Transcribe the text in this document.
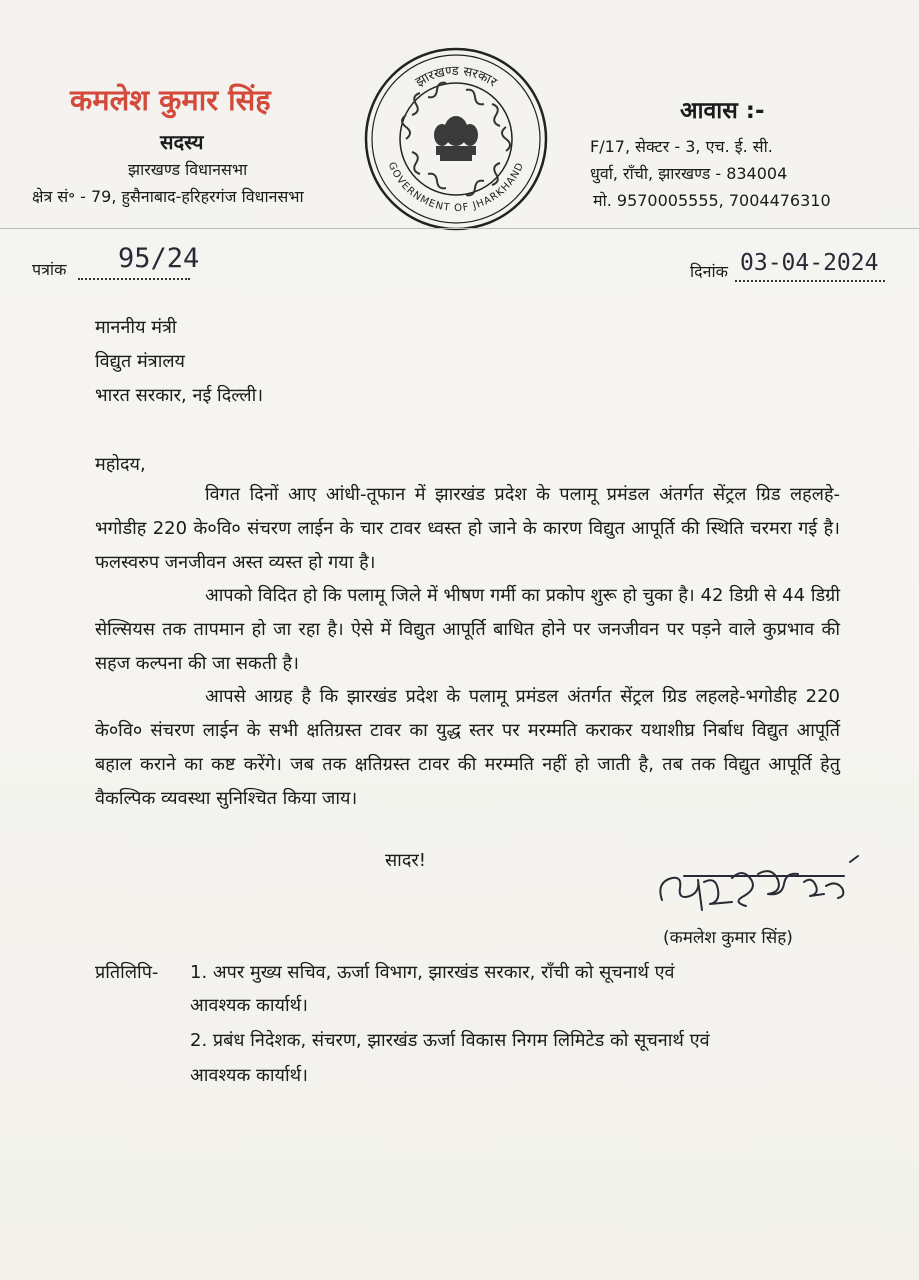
कमलेश कुमार सिंह
सदस्य
झारखण्ड विधानसभा
क्षेत्र सं॰ - 79, हुसैनाबाद-हरिहरगंज विधानसभा
झारखण्ड सरकार
GOVERNMENT OF JHARKHAND
आवास :-
F/17, सेक्टर - 3, एच. ई. सी.
धुर्वा, राँची, झारखण्ड - 834004
मो. 9570005555, 7004476310
पत्रांक 95/24	दिनांक 03-04-2024
माननीय मंत्री
विद्युत मंत्रालय
भारत सरकार, नई दिल्ली।
महोदय,
विगत दिनों आए आंधी-तूफान में झारखंड प्रदेश के पलामू प्रमंडल अंतर्गत सेंट्रल ग्रिड लहलहे-भगोडीह 220 के०वि० संचरण लाईन के चार टावर ध्वस्त हो जाने के कारण विद्युत आपूर्ति की स्थिति चरमरा गई है। फलस्वरुप जनजीवन अस्त व्यस्त हो गया है।
आपको विदित हो कि पलामू जिले में भीषण गर्मी का प्रकोप शुरू हो चुका है। 42 डिग्री से 44 डिग्री सेल्सियस तक तापमान हो जा रहा है। ऐसे में विद्युत आपूर्ति बाधित होने पर जनजीवन पर पड़ने वाले कुप्रभाव की सहज कल्पना की जा सकती है।
आपसे आग्रह है कि झारखंड प्रदेश के पलामू प्रमंडल अंतर्गत सेंट्रल ग्रिड लहलहे-भगोडीह 220 के०वि० संचरण लाईन के सभी क्षतिग्रस्त टावर का युद्ध स्तर पर मरम्मति कराकर यथाशीघ्र निर्बाध विद्युत आपूर्ति बहाल कराने का कष्ट करेंगे। जब तक क्षतिग्रस्त टावर की मरम्मति नहीं हो जाती है, तब तक विद्युत आपूर्ति हेतु वैकल्पिक व्यवस्था सुनिश्चित किया जाय।
सादर!
(कमलेश कुमार सिंह)
प्रतिलिपि- 1. अपर मुख्य सचिव, ऊर्जा विभाग, झारखंड सरकार, राँची को सूचनार्थ एवं
आवश्यक कार्यार्थ।
2. प्रबंध निदेशक, संचरण, झारखंड ऊर्जा विकास निगम लिमिटेड को सूचनार्थ एवं
आवश्यक कार्यार्थ।
